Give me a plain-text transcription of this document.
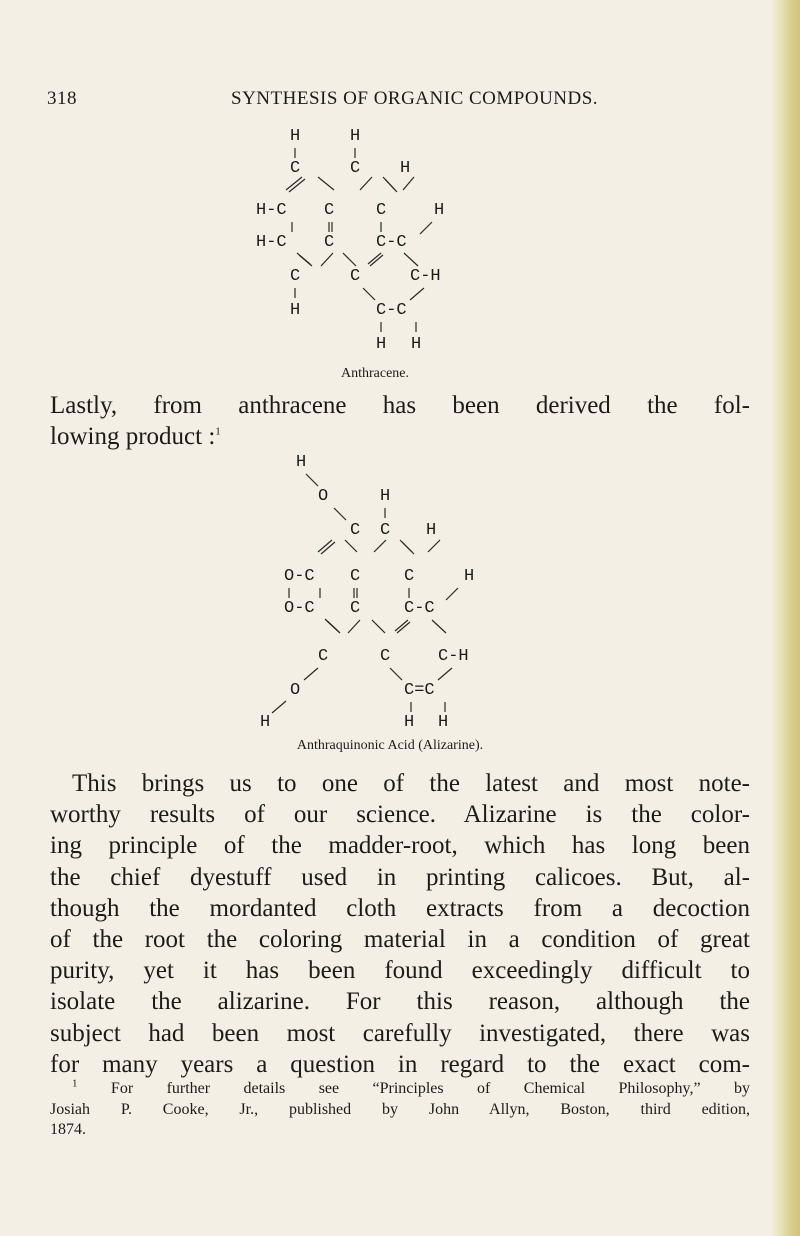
318	SYNTHESIS OF ORGANIC COMPOUNDS.
H	H
C	C H
H-C C C	H
H-C C C-C
C	C	C-H
H	C-C
H H
H
O	H
C C H
O-C C	C	H
O-C C	C-C
C	C	C-H
O	C=C
H	H H
Anthracene.
Anthraquinonic Acid (Alizarine).

Lastly, from anthracene has been derived the fol-
lowing product :$^1$

This brings us to one of the latest and most note-
worthy results of our science. Alizarine is the color-
ing principle of the madder-root, which has long been
the chief dyestuff used in printing calicoes. But, al-
though the mordanted cloth extracts from a decoction
of the root the coloring material in a condition of great
purity, yet it has been found exceedingly difficult to
isolate the alizarine. For this reason, although the
subject had been most carefully investigated, there was
for many years a question in regard to the exact com-

$^1$ For further details see “Principles of Chemical Philosophy,” by
Josiah P. Cooke, Jr., published by John Allyn, Boston, third edition,
1874.
